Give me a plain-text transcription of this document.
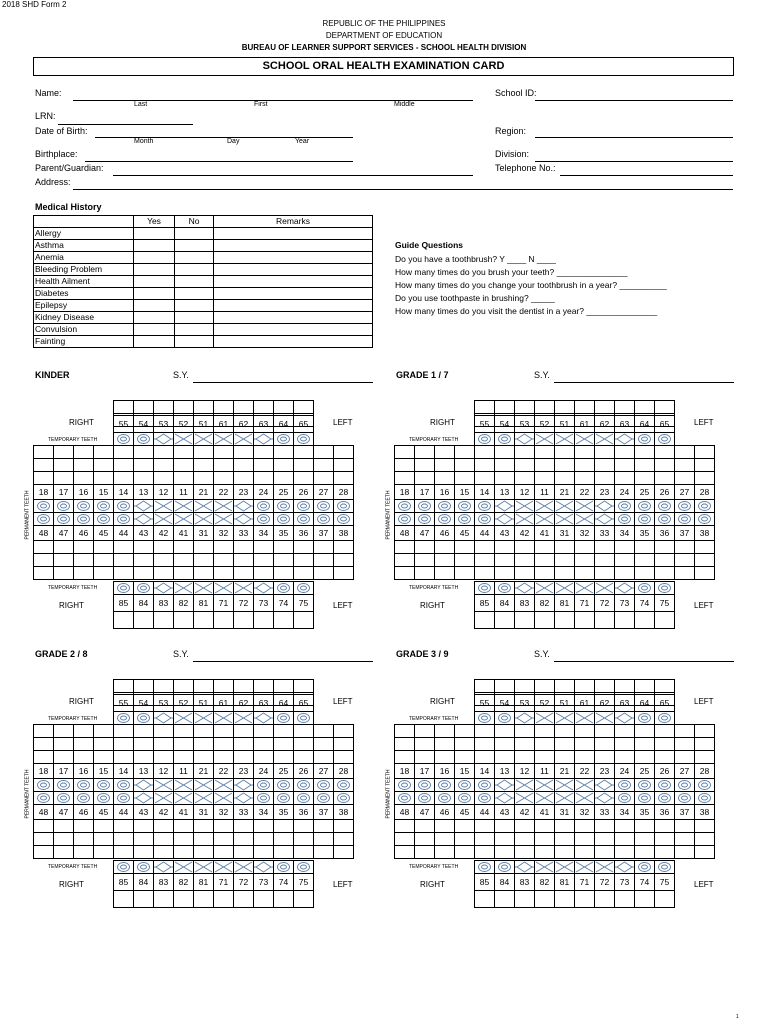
2018 SHD Form 2
REPUBLIC OF THE PHILIPPINES
DEPARTMENT OF EDUCATION
BUREAU OF LEARNER SUPPORT SERVICES - SCHOOL HEALTH DIVISION
SCHOOL ORAL HEALTH EXAMINATION CARD
Name:
Last	First	Middle
School ID:
LRN:
Date of Birth:
Month	Day	Year
Region:
Birthplace:	Division:
Parent/Guardian:	Telephone No.:
Address:
Medical History
	Yes	No	Remarks
Allergy			
Asthma			
Anemia			
Bleeding Problem			
Health Ailment			
Diabetes			
Epilepsy			
Kidney Disease			
Convulsion			
Fainting			
Guide Questions
Do you have a toothbrush? Y ____ N ____
How many times do you brush your teeth? _______________
How many times do you change your toothbrush in a year? __________
Do you use toothpaste in brushing? _____
How many times do you visit the dentist in a year? _______________
KINDER	S.Y.
RIGHT	LEFT
55	54	53	52	51	61	62	63	64	65
TEMPORARY TEETH
18	17	16	15	14	13	12	11	21	22	23	24	25	26	27	28
PERMANENT TEETH 48	47	46	45	44	43	42	41	31	32	33	34	35	36	37	38
TEMPORARY TEETH
85	84	83	82	81	71	72	73	74	75
RIGHT	LEFT
GRADE 1 / 7	S.Y.
RIGHT	LEFT
55	54	53	52	51	61	62	63	64	65
TEMPORARY TEETH
18	17	16	15	14	13	12	11	21	22	23	24	25	26	27	28
PERMANENT TEETH 48	47	46	45	44	43	42	41	31	32	33	34	35	36	37	38
TEMPORARY TEETH
85	84	83	82	81	71	72	73	74	75
RIGHT	LEFT
GRADE 2 / 8	S.Y.
RIGHT	LEFT
55	54	53	52	51	61	62	63	64	65
TEMPORARY TEETH
18	17	16	15	14	13	12	11	21	22	23	24	25	26	27	28
PERMANENT TEETH 48	47	46	45	44	43	42	41	31	32	33	34	35	36	37	38
TEMPORARY TEETH
85	84	83	82	81	71	72	73	74	75
RIGHT	LEFT
GRADE 3 / 9	S.Y.
RIGHT	LEFT
55	54	53	52	51	61	62	63	64	65
TEMPORARY TEETH
18	17	16	15	14	13	12	11	21	22	23	24	25	26	27	28
PERMANENT TEETH 48	47	46	45	44	43	42	41	31	32	33	34	35	36	37	38
TEMPORARY TEETH
85	84	83	82	81	71	72	73	74	75
RIGHT	LEFT
1
